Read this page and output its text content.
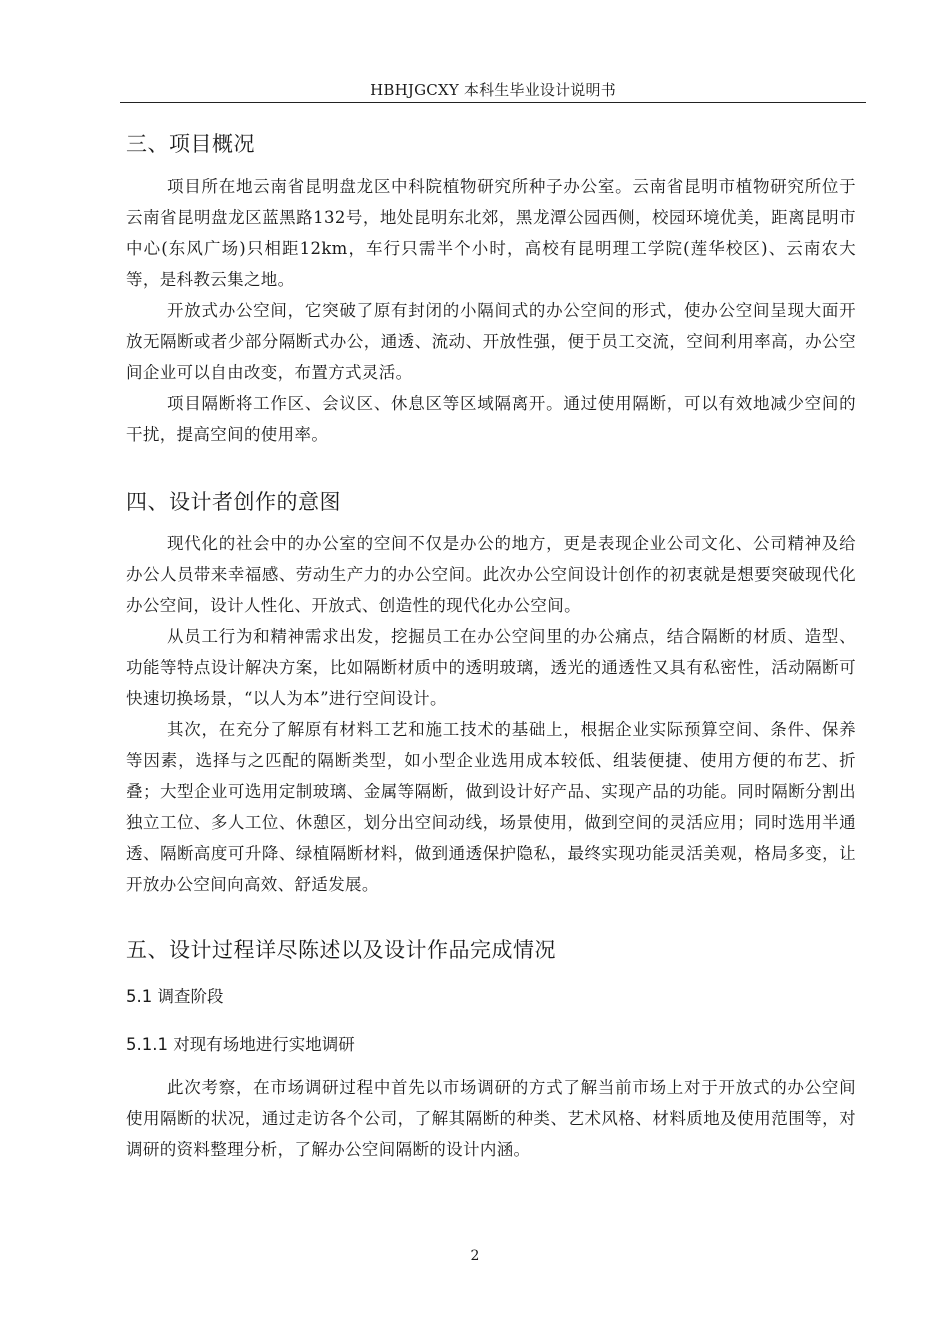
HBHJGCXY 本科生毕业设计说明书
三、项目概况

项目所在地云南省昆明盘龙区中科院植物研究所种子办公室。云南省昆明市植物研究所位于云南省昆明盘龙区蓝黑路132号，地处昆明东北郊，黑龙潭公园西侧，校园环境优美，距离昆明市中心(东风广场)只相距12km，车行只需半个小时，高校有昆明理工学院(莲华校区)、云南农大等，是科教云集之地。

开放式办公空间，它突破了原有封闭的小隔间式的办公空间的形式，使办公空间呈现大面开放无隔断或者少部分隔断式办公，通透、流动、开放性强，便于员工交流，空间利用率高，办公空间企业可以自由改变，布置方式灵活。

项目隔断将工作区、会议区、休息区等区域隔离开。通过使用隔断，可以有效地减少空间的干扰，提高空间的使用率。

四、设计者创作的意图

现代化的社会中的办公室的空间不仅是办公的地方，更是表现企业公司文化、公司精神及给办公人员带来幸福感、劳动生产力的办公空间。此次办公空间设计创作的初衷就是想要突破现代化办公空间，设计人性化、开放式、创造性的现代化办公空间。

从员工行为和精神需求出发，挖掘员工在办公空间里的办公痛点，结合隔断的材质、造型、功能等特点设计解决方案，比如隔断材质中的透明玻璃，透光的通透性又具有私密性，活动隔断可快速切换场景，“以人为本”进行空间设计。

其次，在充分了解原有材料工艺和施工技术的基础上，根据企业实际预算空间、条件、保养等因素，选择与之匹配的隔断类型，如小型企业选用成本较低、组装便捷、使用方便的布艺、折叠；大型企业可选用定制玻璃、金属等隔断，做到设计好产品、实现产品的功能。同时隔断分割出独立工位、多人工位、休憩区，划分出空间动线，场景使用，做到空间的灵活应用；同时选用半通透、隔断高度可升降、绿植隔断材料，做到通透保护隐私，最终实现功能灵活美观，格局多变，让开放办公空间向高效、舒适发展。

五、设计过程详尽陈述以及设计作品完成情况
5.1 调查阶段
5.1.1 对现有场地进行实地调研

此次考察，在市场调研过程中首先以市场调研的方式了解当前市场上对于开放式的办公空间使用隔断的状况，通过走访各个公司，了解其隔断的种类、艺术风格、材料质地及使用范围等，对调研的资料整理分析，了解办公空间隔断的设计内涵。

2
